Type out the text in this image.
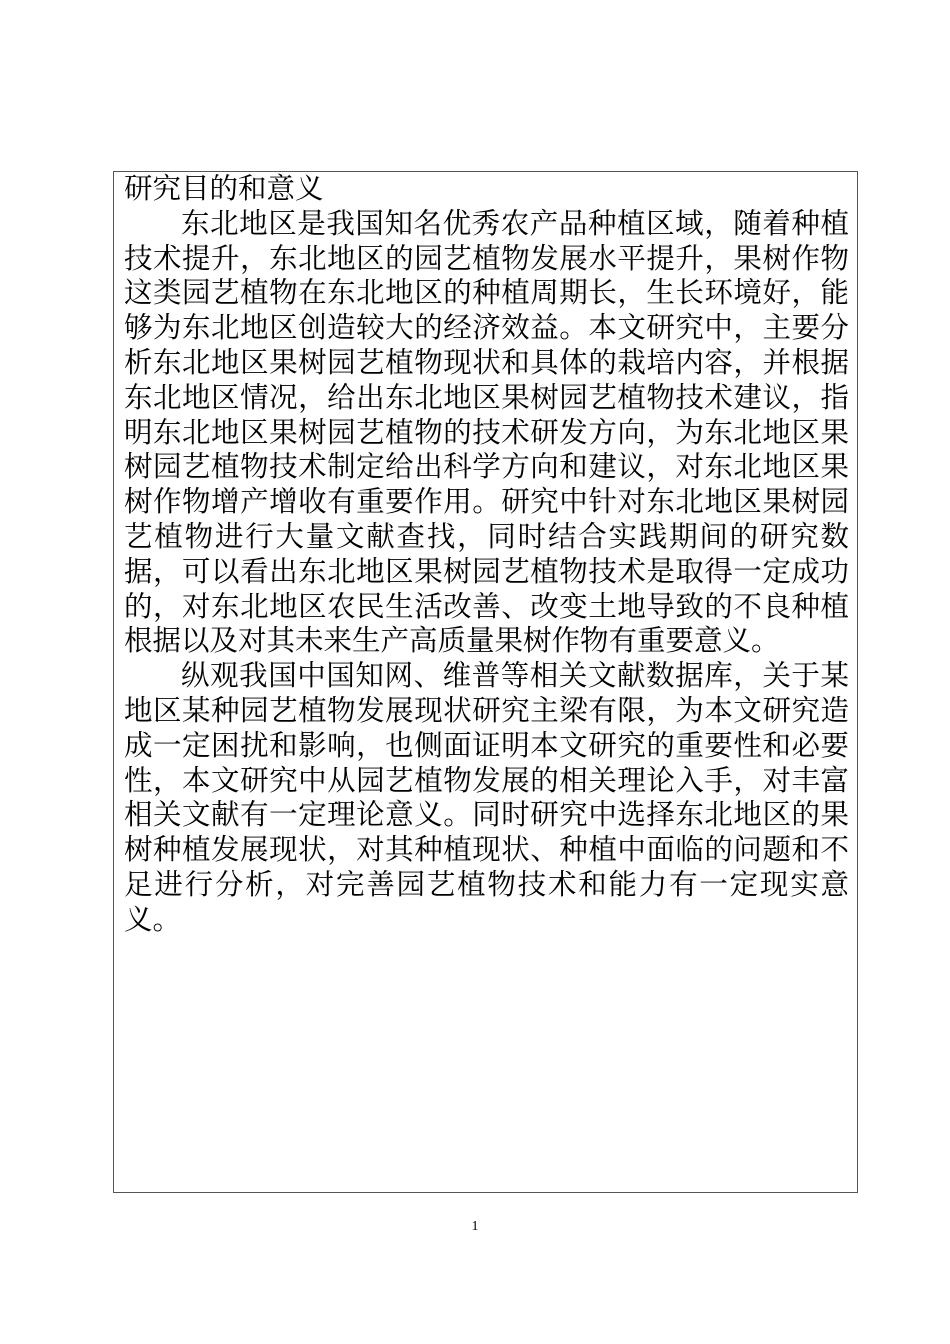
研究目的和意义

东北地区是我国知名优秀农产品种植区域，随着种植技术提升，东北地区的园艺植物发展水平提升，果树作物这类园艺植物在东北地区的种植周期长，生长环境好，能够为东北地区创造较大的经济效益。本文研究中，主要分析东北地区果树园艺植物现状和具体的栽培内容，并根据东北地区情况，给出东北地区果树园艺植物技术建议，指明东北地区果树园艺植物的技术研发方向，为东北地区果树园艺植物技术制定给出科学方向和建议，对东北地区果树作物增产增收有重要作用。研究中针对东北地区果树园艺植物进行大量文献查找，同时结合实践期间的研究数据，可以看出东北地区果树园艺植物技术是取得一定成功的，对东北地区农民生活改善、改变土地导致的不良种植根据以及对其未来生产高质量果树作物有重要意义。

纵观我国中国知网、维普等相关文献数据库，关于某地区某种园艺植物发展现状研究主梁有限，为本文研究造成一定困扰和影响，也侧面证明本文研究的重要性和必要性，本文研究中从园艺植物发展的相关理论入手，对丰富相关文献有一定理论意义。同时研究中选择东北地区的果树种植发展现状，对其种植现状、种植中面临的问题和不足进行分析，对完善园艺植物技术和能力有一定现实意义。

1
